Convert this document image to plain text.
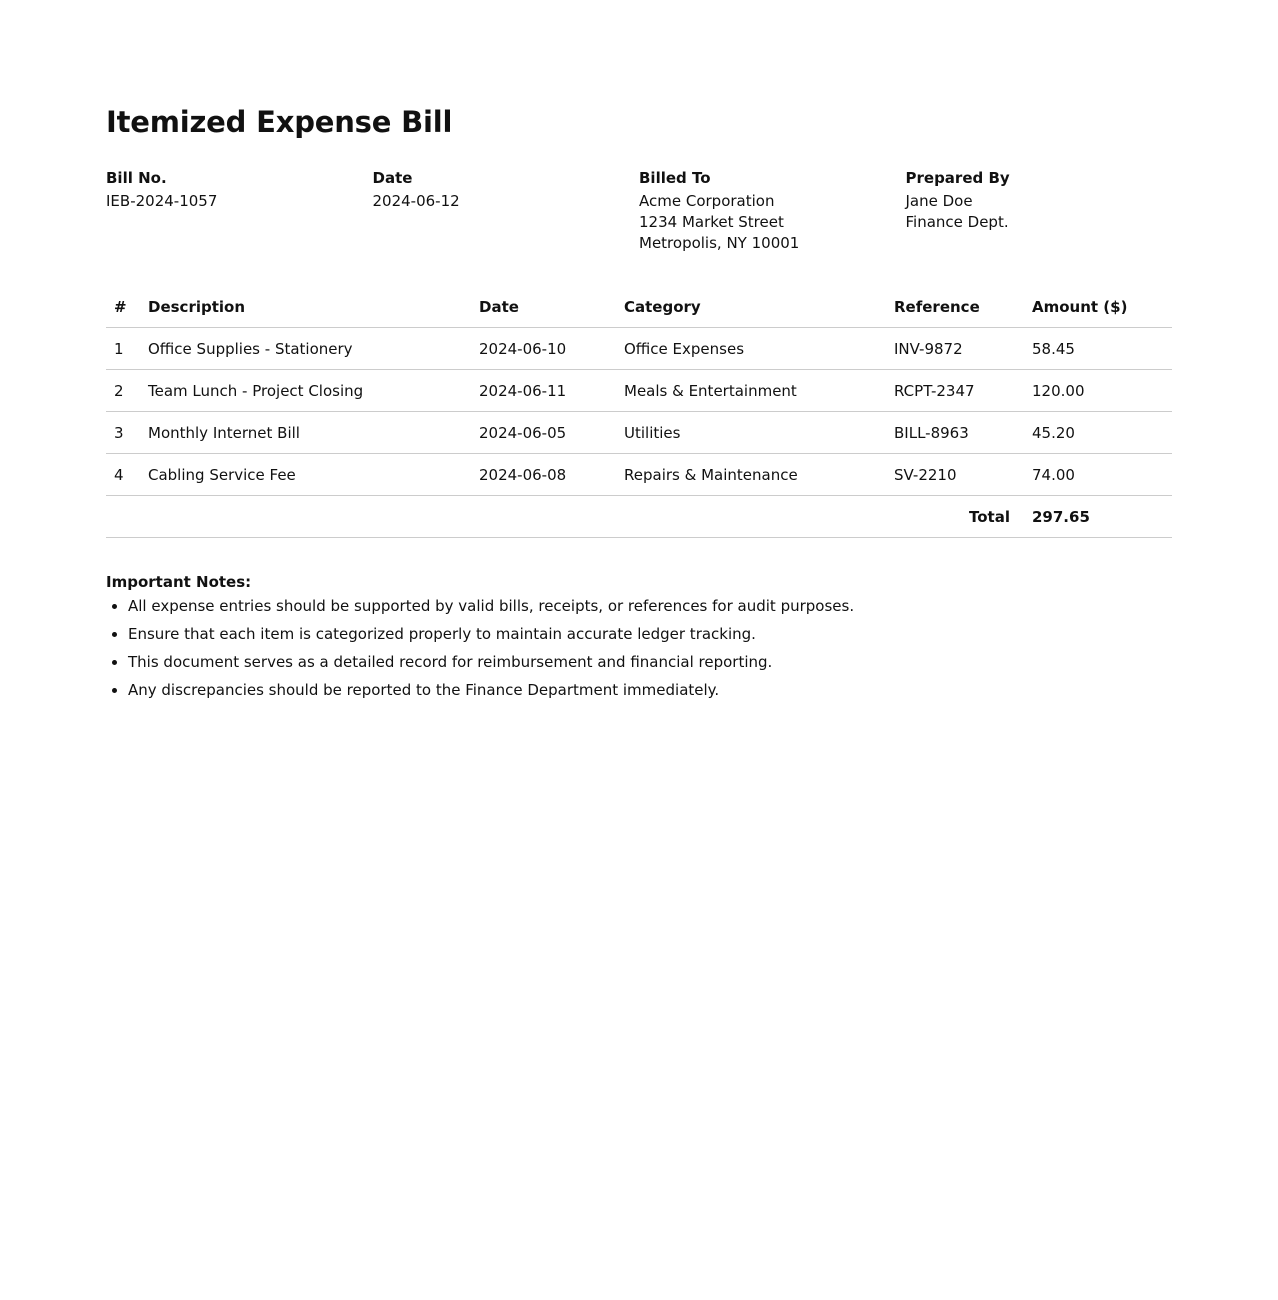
Itemized Expense Bill
Bill No.
IEB-2024-1057
Date
2024-06-12
Billed To
Acme Corporation
1234 Market Street
Metropolis, NY 10001
Prepared By
Jane Doe
Finance Dept.
#	Description	Date	Category	Reference	Amount ($)
1	Office Supplies - Stationery	2024-06-10	Office Expenses	INV-9872	58.45
2	Team Lunch - Project Closing	2024-06-11	Meals & Entertainment	RCPT-2347	120.00
3	Monthly Internet Bill	2024-06-05	Utilities	BILL-8963	45.20
4	Cabling Service Fee	2024-06-08	Repairs & Maintenance	SV-2210	74.00
Total					297.65
Important Notes:
• All expense entries should be supported by valid bills, receipts, or references for audit purposes.
• Ensure that each item is categorized properly to maintain accurate ledger tracking.
• This document serves as a detailed record for reimbursement and financial reporting.
• Any discrepancies should be reported to the Finance Department immediately.
